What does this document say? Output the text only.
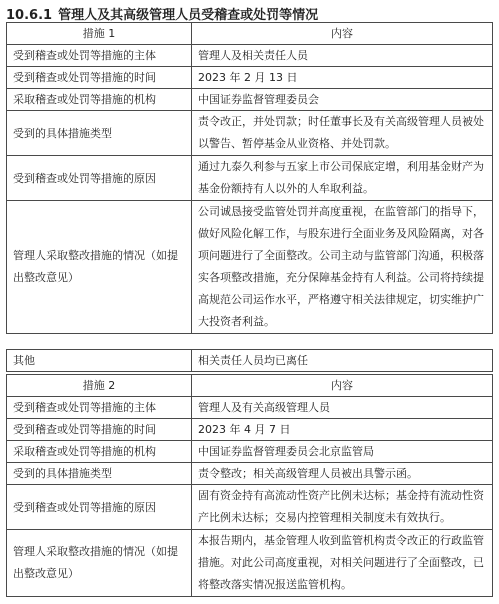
10.6.1 管理人及其高级管理人员受稽查或处罚等情况
措施 1	内容
受到稽查或处罚等措施的主体	管理人及相关责任人员
受到稽查或处罚等措施的时间	2023 年 2 月 13 日
采取稽查或处罚等措施的机构	中国证券监督管理委员会
受到的具体措施类型	责令改正，并处罚款；时任董事长及有关高级管理人员被处以警告、暂停基金从业资格、并处罚款。
受到稽查或处罚等措施的原因	通过九泰久利参与五家上市公司保底定增，利用基金财产为基金份额持有人以外的人牟取利益。
管理人采取整改措施的情况（如提出整改意见）	公司诚恳接受监管处罚并高度重视，在监管部门的指导下，做好风险化解工作，与股东进行全面业务及风险隔离，对各项问题进行了全面整改。公司主动与监管部门沟通，积极落实各项整改措施，充分保障基金持有人利益。公司将持续提高规范公司运作水平，严格遵守相关法律规定，切实维护广大投资者利益。
其他	相关责任人员均已离任
措施 2	内容
受到稽查或处罚等措施的主体	管理人及有关高级管理人员
受到稽查或处罚等措施的时间	2023 年 4 月 7 日
采取稽查或处罚等措施的机构	中国证券监督管理委员会北京监管局
受到的具体措施类型	责令整改；相关高级管理人员被出具警示函。
受到稽查或处罚等措施的原因	固有资金持有高流动性资产比例未达标；基金持有流动性资产比例未达标；交易内控管理相关制度未有效执行。
管理人采取整改措施的情况（如提出整改意见）	本报告期内，基金管理人收到监管机构责令改正的行政监管措施。对此公司高度重视，对相关问题进行了全面整改，已将整改落实情况报送监管机构。
